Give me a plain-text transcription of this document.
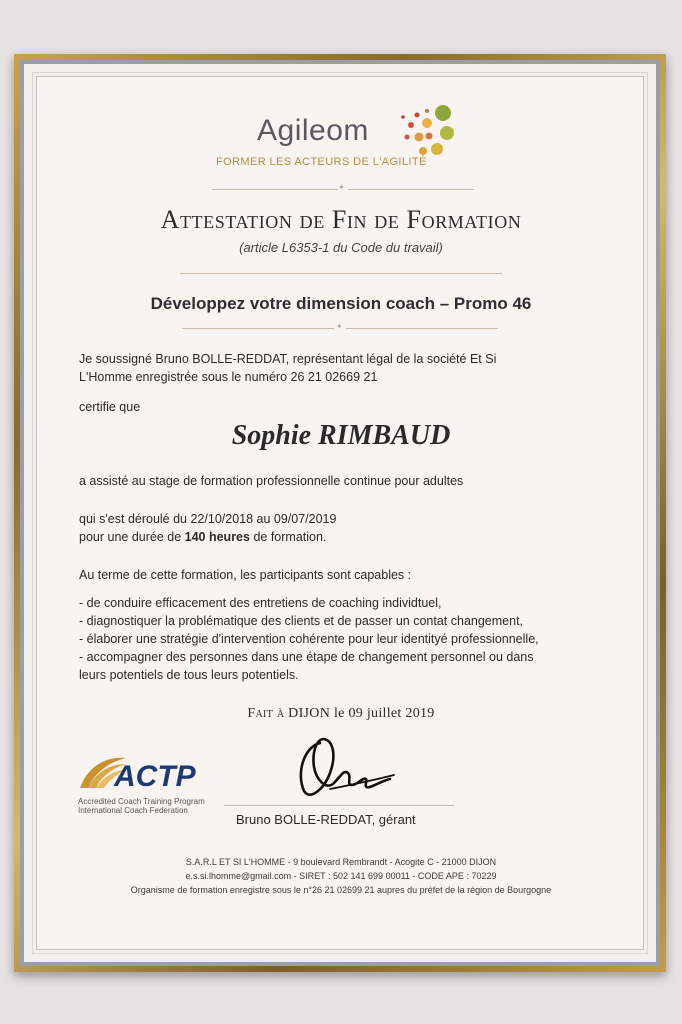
Agileom
FORMER LES ACTEURS DE L'AGILITÉ
✦
Attestation de Fin de Formation
(article L6353-1 du Code du travail)
Développez votre dimension coach – Promo 46
✦
Je soussigné Bruno BOLLE-REDDAT, représentant légal de la société Et Si
L'Homme enregistrée sous le numéro 26 21 02669 21
certifie que
Sophie RIMBAUD
a assisté au stage de formation professionnelle continue pour adultes
qui s'est déroulé du 22/10/2018 au 09/07/2019
pour une durée de 140 heures de formation.
Au terme de cette formation, les participants sont capables :
- de conduire efficacement des entretiens de coaching individtuel,
- diagnostiquer la problématique des clients et de passer un contat changement,
- élaborer une stratégie d'intervention cohérente pour leur identityé professionnelle,
- accompagner des personnes dans une étape de changement personnel ou dans
leurs potentiels de tous leurs potentiels.
Fait à DIJON le 09 juillet 2019
ACTP
Accredited Coach Training Program
International Coach Federation
Bruno BOLLE-REDDAT, gérant
S.A.R.L ET SI L'HOMME - 9 boulevard Rembrandt - Acogite C - 21000 DIJON
e.s.si.lhomme@gmail.com - SIRET : 502 141 699 00011 - CODE APE : 70229
Organisme de formation enregistre sous le n°26 21 02699 21 aupres du préfet de la région de Bourgogne
